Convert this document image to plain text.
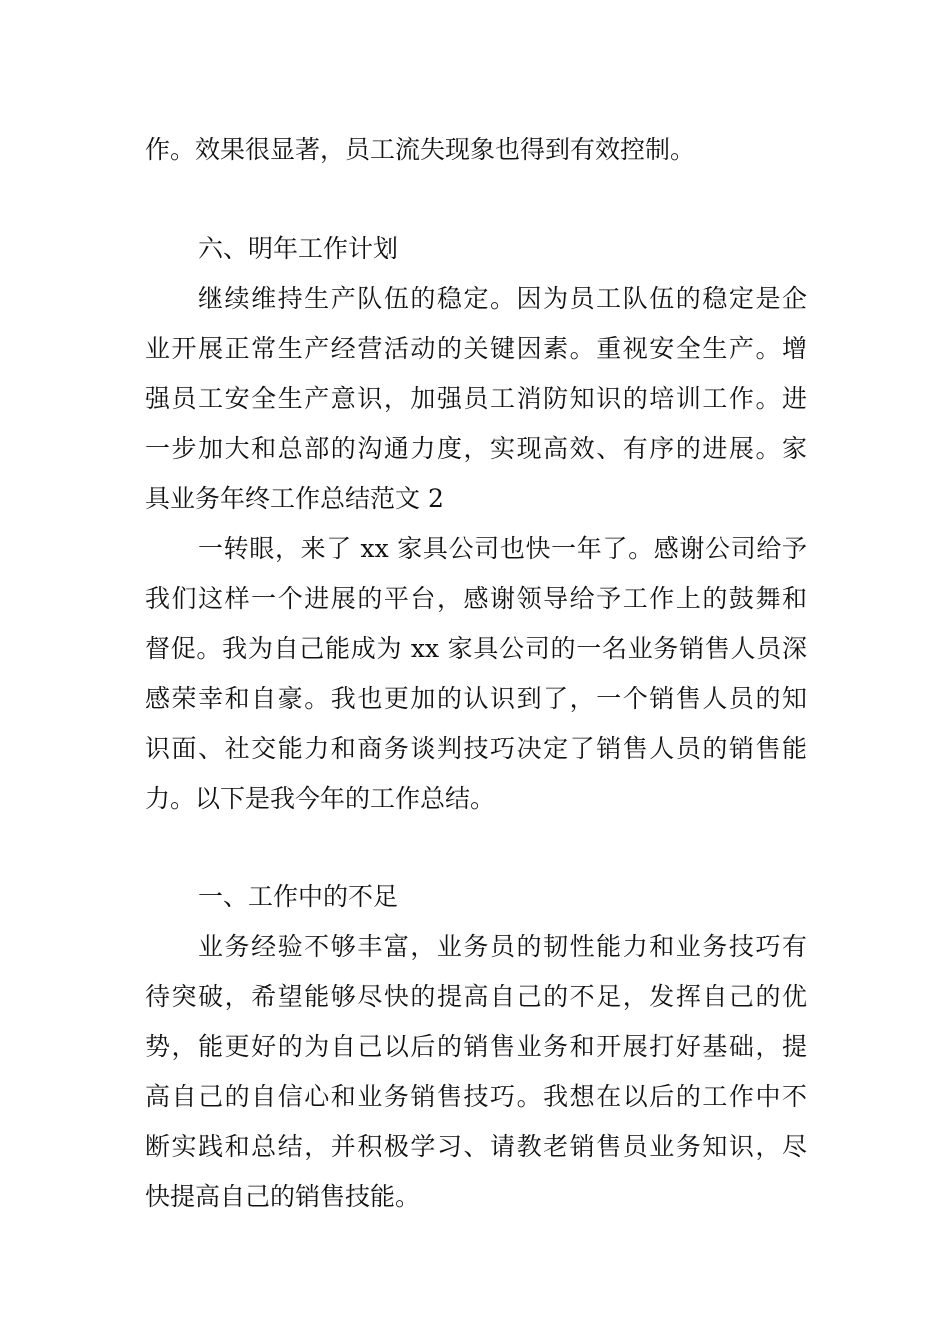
作。效果很显著，员工流失现象也得到有效控制。
六、明年工作计划
继续维持生产队伍的稳定。因为员工队伍的稳定是企
业开展正常生产经营活动的关键因素。重视安全生产。增
强员工安全生产意识，加强员工消防知识的培训工作。进
一步加大和总部的沟通力度，实现高效、有序的进展。家
具业务年终工作总结范文 2
一转眼，来了 xx 家具公司也快一年了。感谢公司给予
我们这样一个进展的平台，感谢领导给予工作上的鼓舞和
督促。我为自己能成为 xx 家具公司的一名业务销售人员深
感荣幸和自豪。我也更加的认识到了，一个销售人员的知
识面、社交能力和商务谈判技巧决定了销售人员的销售能
力。以下是我今年的工作总结。
一、工作中的不足
业务经验不够丰富，业务员的韧性能力和业务技巧有
待突破，希望能够尽快的提高自己的不足，发挥自己的优
势，能更好的为自己以后的销售业务和开展打好基础，提
高自己的自信心和业务销售技巧。我想在以后的工作中不
断实践和总结，并积极学习、请教老销售员业务知识，尽
快提高自己的销售技能。
